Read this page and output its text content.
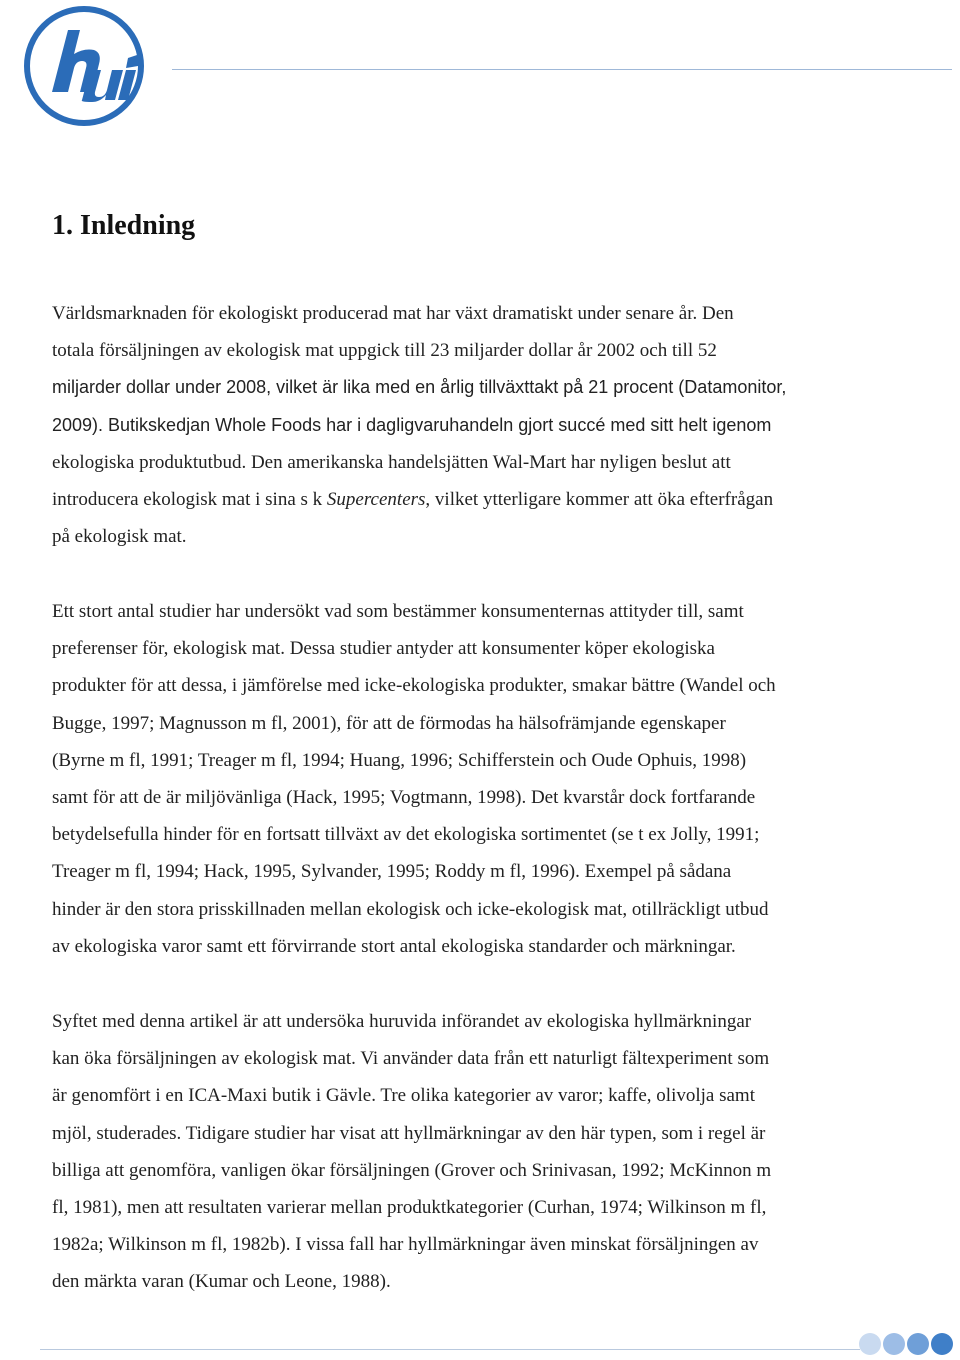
1. Inledning
Världsmarknaden för ekologiskt producerad mat har växt dramatiskt under senare år. Den
totala försäljningen av ekologisk mat uppgick till 23 miljarder dollar år 2002 och till 52
miljarder dollar under 2008, vilket är lika med en årlig tillväxttakt på 21 procent (Datamonitor,
2009). Butikskedjan Whole Foods har i dagligvaruhandeln gjort succé med sitt helt igenom
ekologiska produktutbud. Den amerikanska handelsjätten Wal-Mart har nyligen beslut att
introducera ekologisk mat i sina s k Supercenters, vilket ytterligare kommer att öka efterfrågan
på ekologisk mat.
Ett stort antal studier har undersökt vad som bestämmer konsumenternas attityder till, samt
preferenser för, ekologisk mat. Dessa studier antyder att konsumenter köper ekologiska
produkter för att dessa, i jämförelse med icke-ekologiska produkter, smakar bättre (Wandel och
Bugge, 1997; Magnusson m fl, 2001), för att de förmodas ha hälsofrämjande egenskaper
(Byrne m fl, 1991; Treager m fl, 1994; Huang, 1996; Schifferstein och Oude Ophuis, 1998)
samt för att de är miljövänliga (Hack, 1995; Vogtmann, 1998). Det kvarstår dock fortfarande
betydelsefulla hinder för en fortsatt tillväxt av det ekologiska sortimentet (se t ex Jolly, 1991;
Treager m fl, 1994; Hack, 1995, Sylvander, 1995; Roddy m fl, 1996). Exempel på sådana
hinder är den stora prisskillnaden mellan ekologisk och icke-ekologisk mat, otillräckligt utbud
av ekologiska varor samt ett förvirrande stort antal ekologiska standarder och märkningar.
Syftet med denna artikel är att undersöka huruvida införandet av ekologiska hyllmärkningar
kan öka försäljningen av ekologisk mat. Vi använder data från ett naturligt fältexperiment som
är genomfört i en ICA-Maxi butik i Gävle. Tre olika kategorier av varor; kaffe, olivolja samt
mjöl, studerades. Tidigare studier har visat att hyllmärkningar av den här typen, som i regel är
billiga att genomföra, vanligen ökar försäljningen (Grover och Srinivasan, 1992; McKinnon m
fl, 1981), men att resultaten varierar mellan produktkategorier (Curhan, 1974; Wilkinson m fl,
1982a; Wilkinson m fl, 1982b). I vissa fall har hyllmärkningar även minskat försäljningen av
den märkta varan (Kumar och Leone, 1988).
